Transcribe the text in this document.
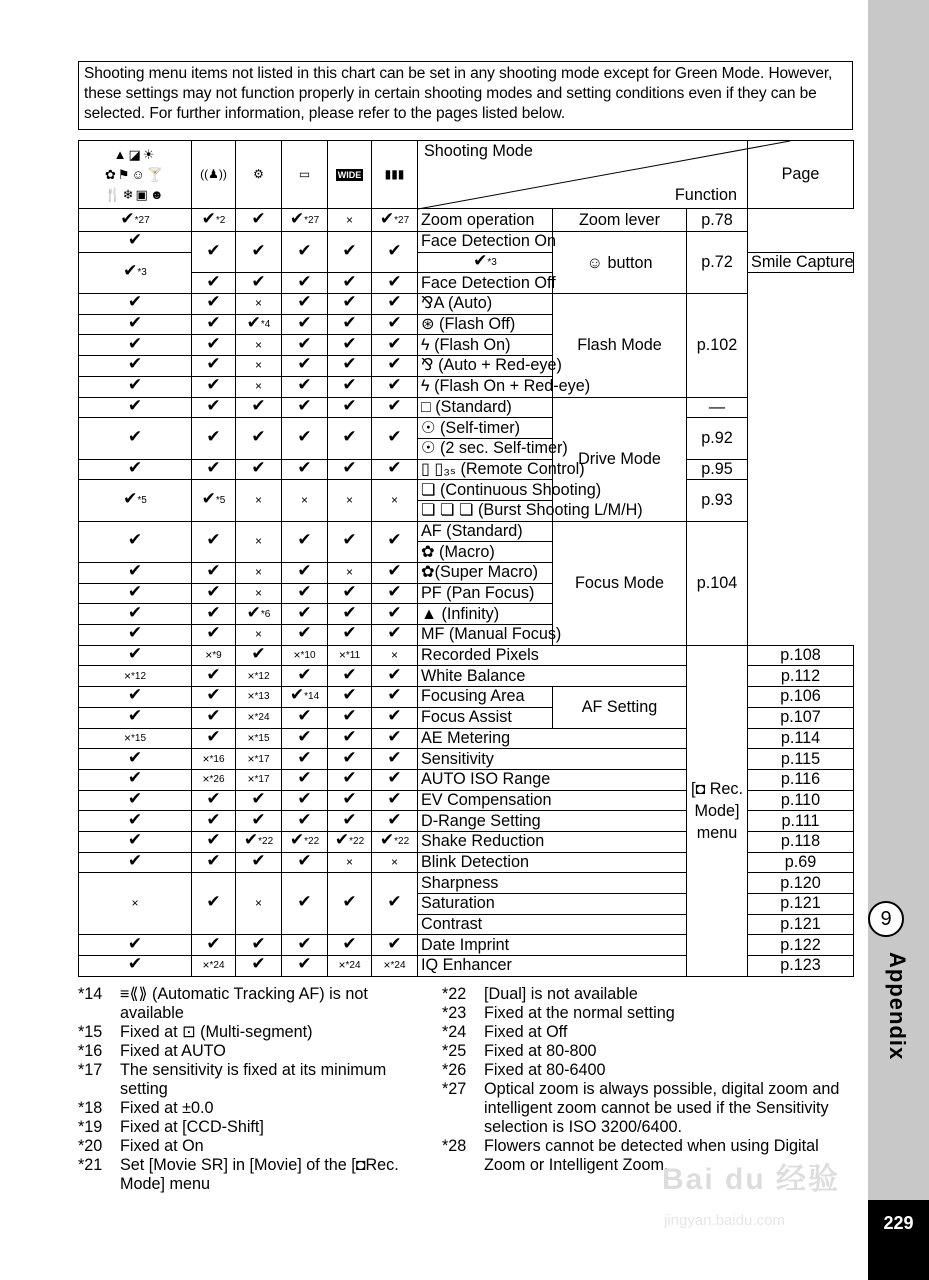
Shooting menu items not listed in this chart can be set in any shooting mode except for Green Mode. However, these settings may not function properly in certain shooting modes and setting conditions even if they can be selected. For further information, please refer to the pages listed below.
▲◪☀
✿⚑☺🍸
🍴❄▣☻	((♟))	⚙	▭	WIDE	▮▮▮	Shooting Mode
Function			Page
✔$^{*27}$	✔$^{*2}$	✔	✔$^{*27}$	×	✔$^{*27}$	Zoom operation	Zoom lever	p.78	
✔	✔	✔	✔	✔	✔	Face Detection On	☺ button	p.72	
✔$^{*3}$						✔$^{*3}$			Smile Capture
	✔	✔	✔	✔	✔	Face Detection Off			
✔	✔	×	✔	✔	✔	⅋A (Auto)	Flash Mode	p.102	
✔	✔	✔$^{*4}$	✔	✔	✔	⊛ (Flash Off)			
✔	✔	×	✔	✔	✔	ϟ (Flash On)			
✔	✔	×	✔	✔	✔	⅋ (Auto + Red-eye)			
✔	✔	×	✔	✔	✔	ϟ (Flash On + Red-eye)			
✔	✔	✔	✔	✔	✔	□ (Standard)	Drive Mode	—	
✔	✔	✔	✔	✔	✔	☉ (Self-timer)		p.92	
						☉ (2 sec. Self-timer)			
✔	✔	✔	✔	✔	✔	▯ ▯₃ₛ (Remote Control)		p.95	
✔$^{*5}$	✔$^{*5}$	×	×	×	×	❏ (Continuous Shooting)		p.93	
						❏ ❏ ❏ (Burst Shooting L/M/H)			
✔	✔	×	✔	✔	✔	AF (Standard)	Focus Mode	p.104	
						✿ (Macro)			
✔	✔	×	✔	×	✔	✿(Super Macro)			
✔	✔	×	✔	✔	✔	PF (Pan Focus)			
✔	✔	✔$^{*6}$	✔	✔	✔	▲ (Infinity)			
✔	✔	×	✔	✔	✔	MF (Manual Focus)			
✔	×$^{*9}$	✔	×$^{*10}$	×$^{*11}$	×	Recorded Pixels		[◘ Rec. Mode] menu	p.108
×$^{*12}$	✔	×$^{*12}$	✔	✔	✔	White Balance			p.112
✔	✔	×$^{*13}$	✔$^{*14}$	✔	✔	Focusing Area	AF Setting		p.106
✔	✔	×$^{*24}$	✔	✔	✔	Focus Assist			p.107
×$^{*15}$	✔	×$^{*15}$	✔	✔	✔	AE Metering			p.114
✔	×$^{*16}$	×$^{*17}$	✔	✔	✔	Sensitivity			p.115
✔	×$^{*26}$	×$^{*17}$	✔	✔	✔	AUTO ISO Range			p.116
✔	✔	✔	✔	✔	✔	EV Compensation			p.110
✔	✔	✔	✔	✔	✔	D-Range Setting			p.111
✔	✔	✔$^{*22}$	✔$^{*22}$	✔$^{*22}$	✔$^{*22}$	Shake Reduction			p.118
✔	✔	✔	✔	×	×	Blink Detection			p.69
×	✔	×	✔	✔	✔	Sharpness			p.120
						Saturation			p.121
						Contrast			p.121
✔	✔	✔	✔	✔	✔	Date Imprint			p.122
✔	×$^{*24}$	✔	✔	×$^{*24}$	×$^{*24}$	IQ Enhancer			p.123
*14	≡⟪⟫ (Automatic Tracking AF) is not available
*15	Fixed at ⊡ (Multi-segment)
*16	Fixed at AUTO
*17	The sensitivity is fixed at its minimum setting
*18	Fixed at ±0.0
*19	Fixed at [CCD-Shift]
*20	Fixed at On
*21	Set [Movie SR] in [Movie] of the [◘Rec. Mode] menu
*22	[Dual] is not available
*23	Fixed at the normal setting
*24	Fixed at Off
*25	Fixed at 80-800
*26	Fixed at 80-6400
*27	Optical zoom is always possible, digital zoom and intelligent zoom cannot be used if the Sensitivity selection is ISO 3200/6400.
*28	Flowers cannot be detected when using Digital Zoom or Intelligent Zoom.
9
Appendix
229
Bai du 经验
jingyan.baidu.com
